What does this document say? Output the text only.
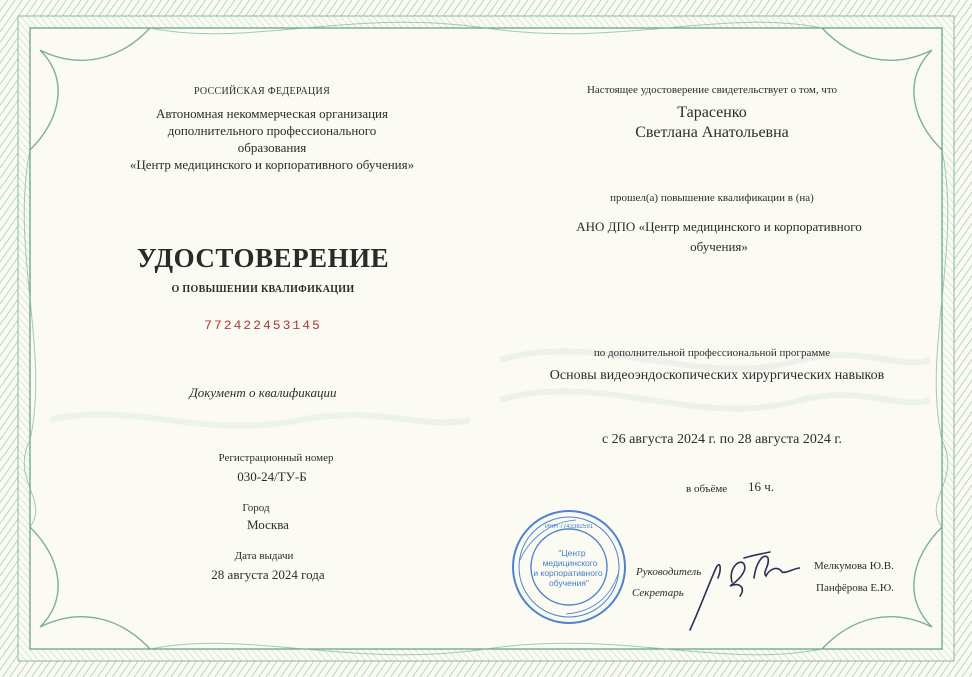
РОССИЙСКАЯ ФЕДЕРАЦИЯ
Автономная некоммерческая организация
дополнительного профессионального
образования
«Центр медицинского и корпоративного обучения»
УДОСТОВЕРЕНИЕ
О ПОВЫШЕНИИ КВАЛИФИКАЦИИ
772422453145
Документ о квалификации
Регистрационный номер
030-24/ТУ-Б
Город
Москва
Дата выдачи
28 августа 2024 года
Настоящее удостоверение свидетельствует о том, что
Тарасенко
Светлана Анатольевна
прошел(а) повышение квалификации в (на)
АНО ДПО «Центр медицинского и корпоративного
обучения»
по дополнительной профессиональной программе
Основы видеоэндоскопических хирургических навыков
с 26 августа 2024 г. по 28 августа 2024 г.
в объёме 16 ч.
Руководитель	Мелкумова Ю.В.
Секретарь	Панфёрова Е.Ю.
ИНН 7743382591
"Центр
медицинского
и корпоративного
обучения"
